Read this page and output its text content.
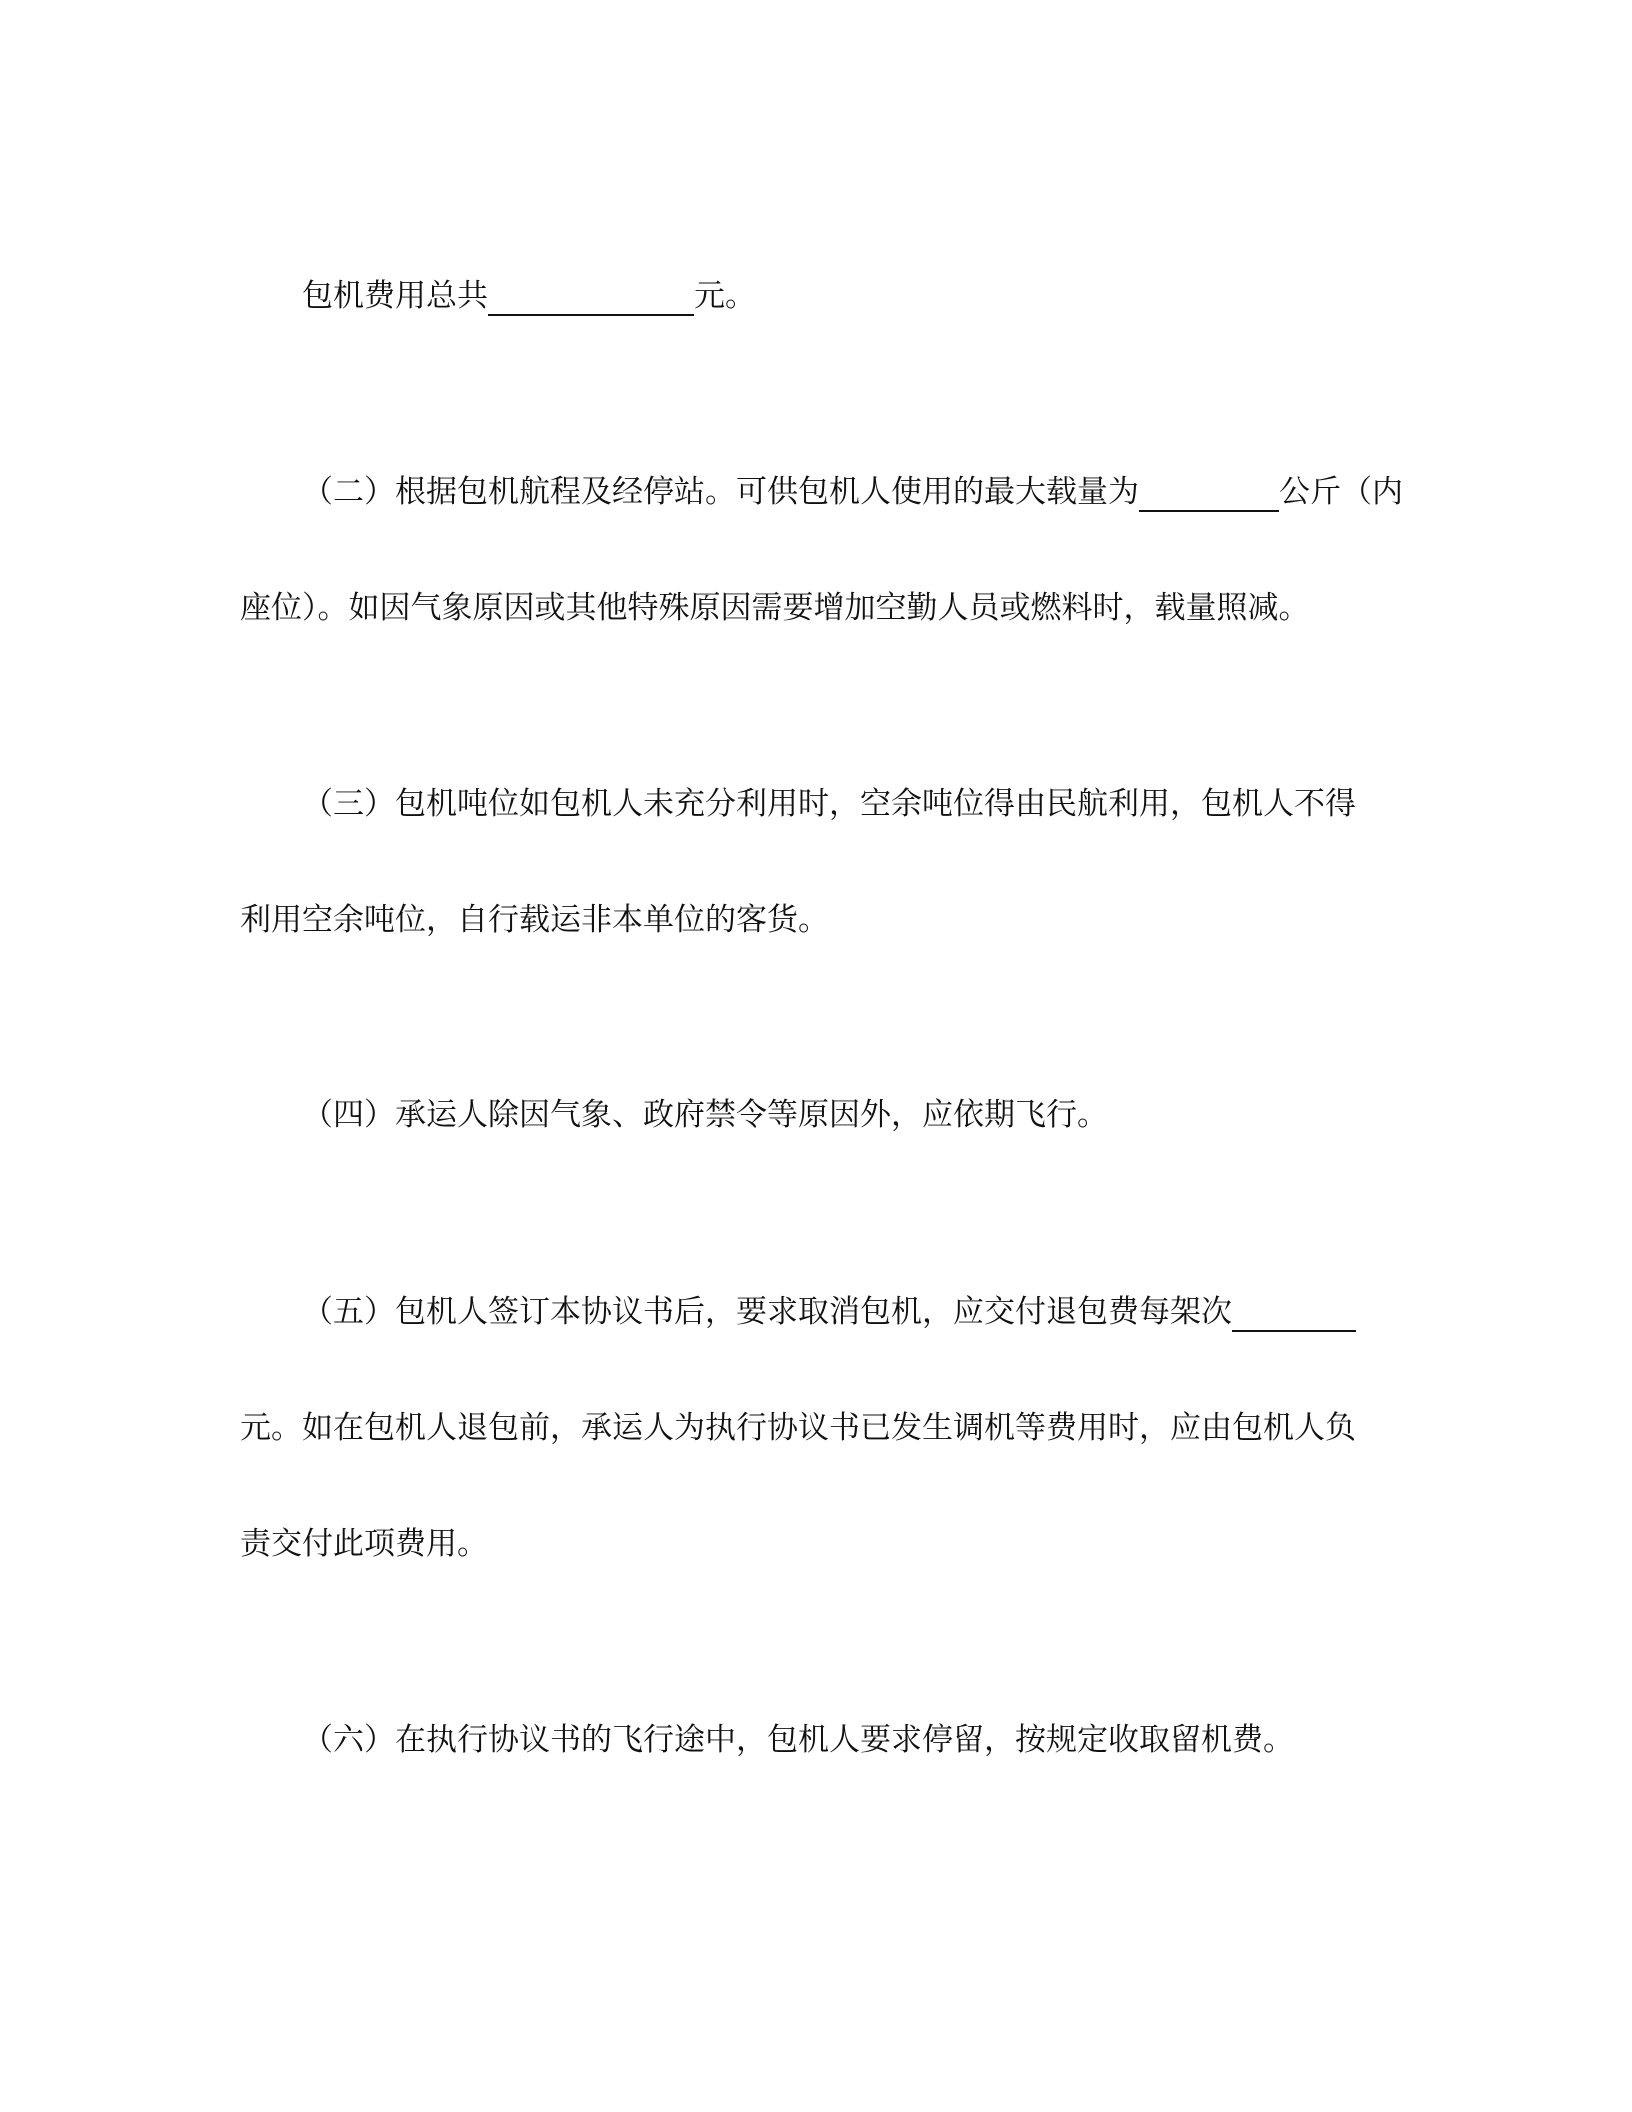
包机费用总共	元。
（二）根据包机航程及经停站。可供包机人使用的最大载量为	公斤（内
座位）。如因气象原因或其他特殊原因需要增加空勤人员或燃料时，载量照减。
（三）包机吨位如包机人未充分利用时，空余吨位得由民航利用，包机人不得
利用空余吨位，自行载运非本单位的客货。
（四）承运人除因气象、政府禁令等原因外，应依期飞行。
（五）包机人签订本协议书后，要求取消包机，应交付退包费每架次
元。如在包机人退包前，承运人为执行协议书已发生调机等费用时，应由包机人负
责交付此项费用。
（六）在执行协议书的飞行途中，包机人要求停留，按规定收取留机费。
